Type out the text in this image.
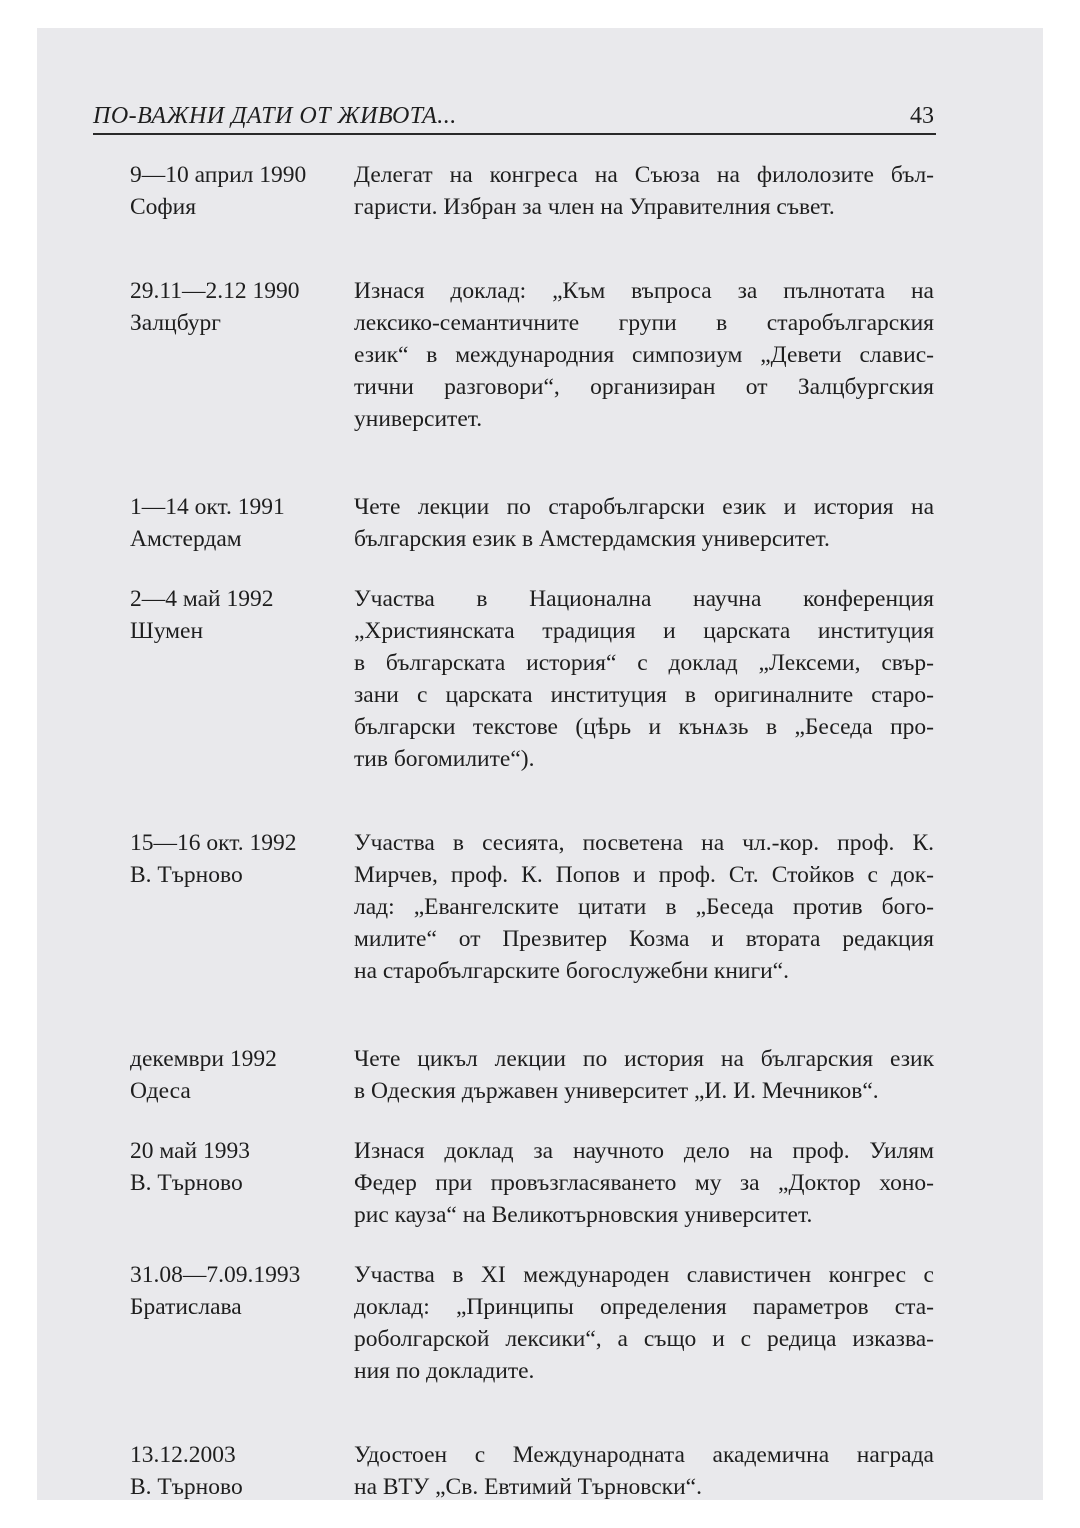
ПО-ВАЖНИ ДАТИ ОТ ЖИВОТА...	43
9—10 април 1990
София
Делегат на конгреса на Съюза на филолозите бъл-
гаристи. Избран за член на Управителния съвет.
29.11—2.12 1990
Залцбург
Изнася доклад: „Към въпроса за пълнотата на
лексико-семантичните групи в старобългарския
език“ в международния симпозиум „Девети славис-
тични разговори“, организиран от Залцбургския
университет.
1—14 окт. 1991
Амстердам
Чете лекции по старобългарски език и история на
българския език в Амстердамския университет.
2—4 май 1992
Шумен
Участва в Национална научна конференция
„Християнската традиция и царската институция
в българската история“ с доклад „Лексеми, свър-
зани с царската институция в оригиналните старо-
български текстове (цѣрь и кънѧзь в „Беседа про-
тив богомилите“).
15—16 окт. 1992
В. Търново
Участва в сесията, посветена на чл.-кор. проф. К.
Мирчев, проф. К. Попов и проф. Ст. Стойков с док-
лад: „Евангелските цитати в „Беседа против бого-
милите“ от Презвитер Козма и втората редакция
на старобългарските богослужебни книги“.
декември 1992
Одеса
Чете цикъл лекции по история на българския език
в Одеския държавен университет „И. И. Мечников“.
20 май 1993
В. Търново
Изнася доклад за научното дело на проф. Уилям
Федер при провъзгласяването му за „Доктор хоно-
рис кауза“ на Великотърновския университет.
31.08—7.09.1993
Братислава
Участва в XI международен славистичен конгрес с
доклад: „Принципы определения параметров ста-
роболгарской лексики“, а също и с редица изказва-
ния по докладите.
13.12.2003
В. Търново
Удостоен с Международната академична награда
на ВТУ „Св. Евтимий Търновски“.
